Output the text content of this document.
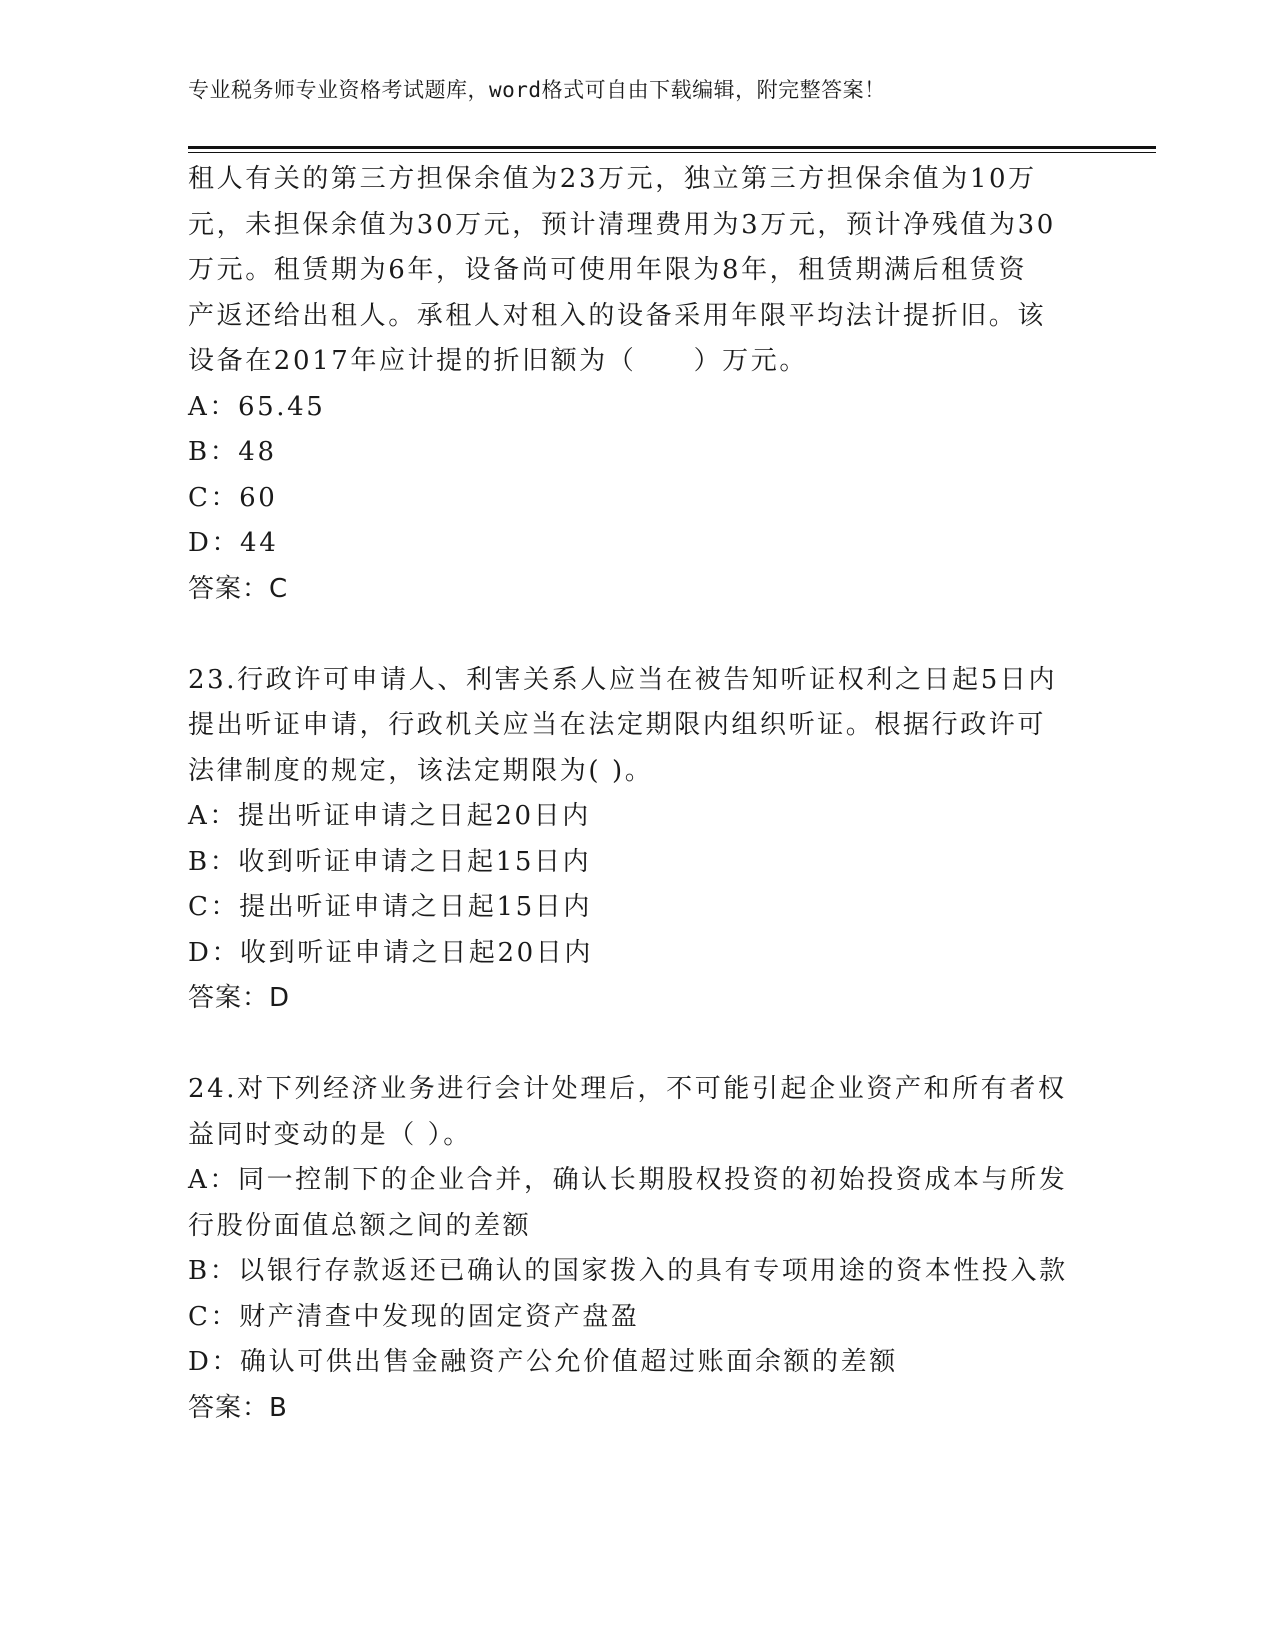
专业税务师专业资格考试题库，word格式可自由下载编辑，附完整答案！
租人有关的第三方担保余值为23万元，独立第三方担保余值为10万
元，未担保余值为30万元，预计清理费用为3万元，预计净残值为30
万元。租赁期为6年，设备尚可使用年限为8年，租赁期满后租赁资
产返还给出租人。承租人对租入的设备采用年限平均法计提折旧。该
设备在2017年应计提的折旧额为（　　）万元。
A：65.45
B：48
C：60
D：44
答案：C
23.行政许可申请人、利害关系人应当在被告知听证权利之日起5日内
提出听证申请，行政机关应当在法定期限内组织听证。根据行政许可
法律制度的规定，该法定期限为( )。
A：提出听证申请之日起20日内
B：收到听证申请之日起15日内
C：提出听证申请之日起15日内
D：收到听证申请之日起20日内
答案：D
24.对下列经济业务进行会计处理后，不可能引起企业资产和所有者权
益同时变动的是（ ）。
A：同一控制下的企业合并，确认长期股权投资的初始投资成本与所发
行股份面值总额之间的差额
B：以银行存款返还已确认的国家拨入的具有专项用途的资本性投入款
C：财产清查中发现的固定资产盘盈
D：确认可供出售金融资产公允价值超过账面余额的差额
答案：B
